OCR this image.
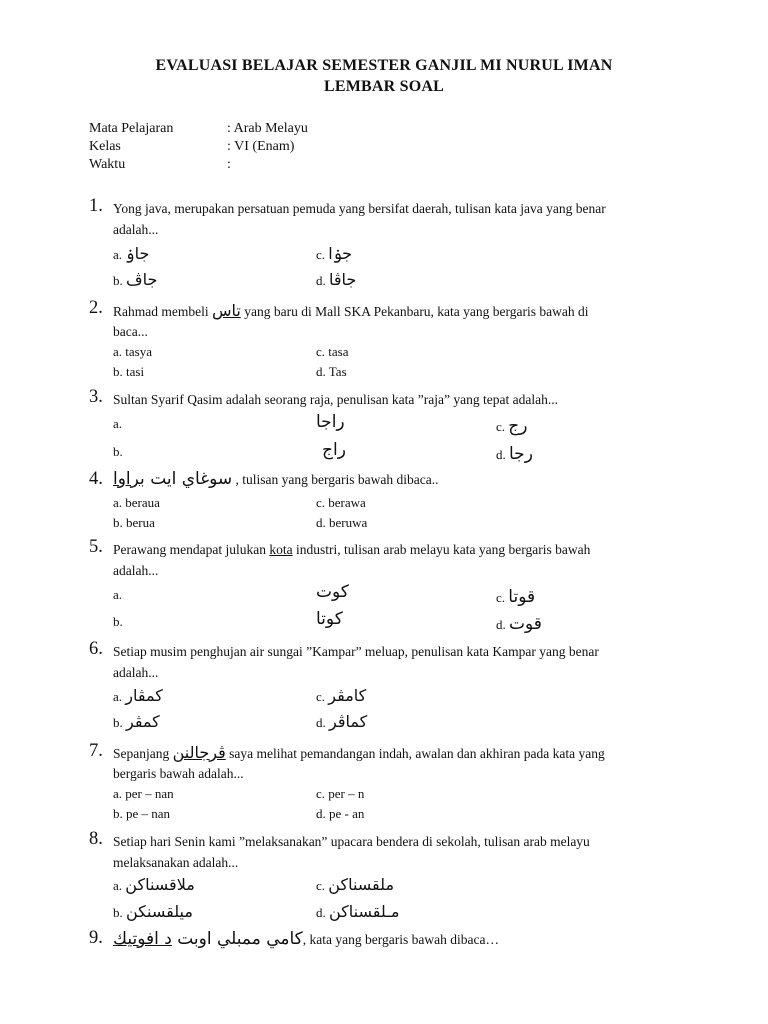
EVALUASI BELAJAR SEMESTER GANJIL MI NURUL IMAN
LEMBAR SOAL
Mata Pelajaran	: Arab Melayu
Kelas	: VI (Enam)
Waktu	:
1. Yong java, merupakan persatuan pemuda yang bersifat daerah, tulisan kata java yang benar
adalah...
a. جاۏ	c. جۏا
b. جاڤ	d. جاڤا
2. Rahmad membeli تاس yang baru di Mall SKA Pekanbaru, kata yang bergaris bawah di
baca...
a. tasya	c. tasa
b. tasi	d. Tas
3. Sultan Syarif Qasim adalah seorang raja, penulisan kata ”raja” yang tepat adalah...
a.	راجا	c. رج
b.	راج	d. رجا
4.	سوغاي ايت براوا	, tulisan yang bergaris bawah dibaca..
a. beraua	c. berawa
b. berua	d. beruwa
5. Perawang mendapat julukan kota industri, tulisan arab melayu kata yang bergaris bawah
adalah...
a.	كوت	c. قوتا
b.	كوتا	d. قوت
6. Setiap musim penghujan air sungai ”Kampar” meluap, penulisan kata Kampar yang benar
adalah...
a. كمڤار	c. كامڤر
b. كمڤر	d. كماڤر
7. Sepanjang ڤرجالنن saya melihat pemandangan indah, awalan dan akhiran pada kata yang
bergaris bawah adalah...
a. per – nan	c. per – n
b. pe – nan	d. pe - an
8. Setiap hari Senin kami ”melaksanakan” upacara bendera di sekolah, tulisan arab melayu
melaksanakan adalah...
a. ملاقسناكن	c. ملقسناكن
b. ميلقسنكن	d. مـلقسناكن
9.	كامي ممبلي اوبت د افوتيك	, kata yang bergaris bawah dibaca…
